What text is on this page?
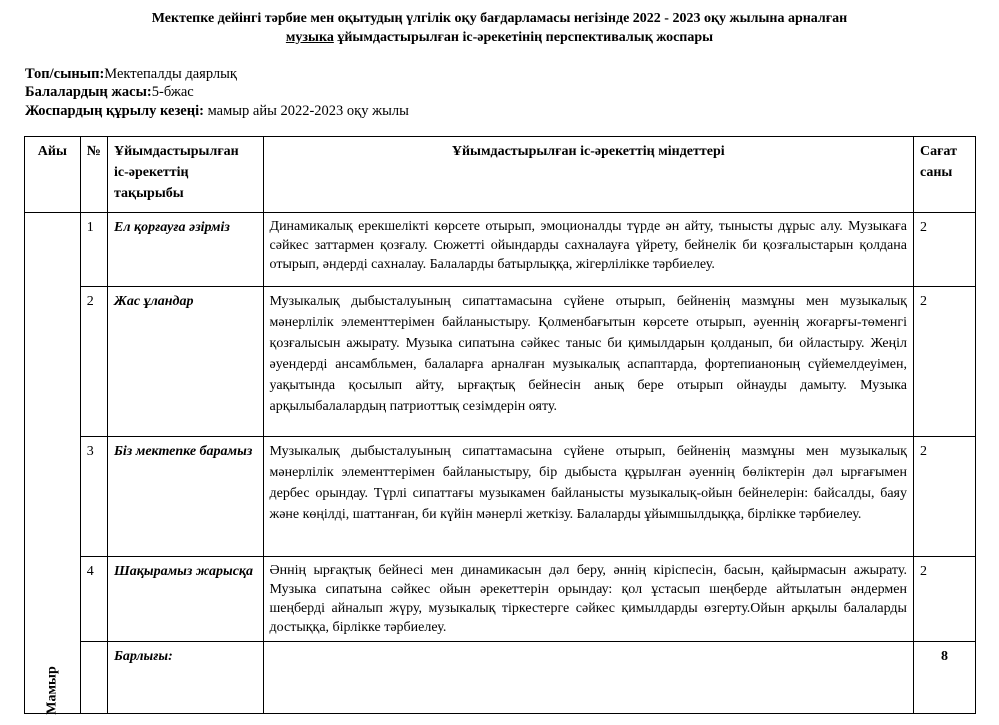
Мектепке дейінгі тәрбие мен оқытудың үлгілік оқу бағдарламасы негізінде 2022 - 2023 оқу жылына арналған
музыка ұйымдастырылған іс-әрекетінің перспективалық жоспары
Топ/сынып:Мектепалды даярлық
Балалардың жасы:5-бжас
Жоспардың құрылу кезеңі: мамыр айы 2022-2023 оқу жылы
Айы	№	Ұйымдастырылған іс-әрекеттің тақырыбы	Ұйымдастырылған іс-әрекеттің міндеттері	Сағат саны

Мамыр	1	Ел қорғауға әзірміз	Динамикалық ерекшелікті көрсете отырып, эмоционалды түрде ән айту, тынысты дұрыс алу. Музыкаға сәйкес заттармен қозғалу. Сюжетті ойындарды сахналауға үйрету, бейнелік би қозғалыстарын қолдана отырып, әндерді сахналау. Балаларды батырлыққа, жігерлілікке тәрбиелеу.	2
	2	Жас ұландар	Музыкалық дыбысталуының сипаттамасына сүйене отырып, бейненің мазмұны мен музыкалық мәнерлілік элементтерімен байланыстыру. Қолменбағытын көрсете отырып, әуеннің жоғарғы-төменгі қозғалысын ажырату. Музыка сипатына сәйкес таныс би қимылдарын қолданып, би ойластыру. Жеңіл әуендерді ансамбльмен, балаларға арналған музыкалық аспаптарда, фортепианоның сүйемелдеуімен, уақытында қосылып айту, ырғақтық бейнесін анық бере отырып ойнауды дамыту. Музыка арқылыбалалардың патриоттық сезімдерін ояту.	2
	3	Біз мектепке барамыз	Музыкалық дыбысталуының сипаттамасына сүйене отырып, бейненің мазмұны мен музыкалық мәнерлілік элементтерімен байланыстыру, бір дыбыста құрылған әуеннің бөліктерін дәл ырғағымен дербес орындау. Түрлі сипаттағы музыкамен байланысты музыкалық-ойын бейнелерін: байсалды, баяу және көңілді, шаттанған, би күйін мәнерлі жеткізу. Балаларды ұйымшылдыққа, бірлікке тәрбиелеу.	2
	4	Шақырамыз жарысқа	Әннің ырғақтық бейнесі мен динамикасын дәл беру, әннің кіріспесін, басын, қайырмасын ажырату. Музыка сипатына сәйкес ойын әрекеттерін орындау: қол ұстасып шеңберде айтылатын әндермен шеңберді айналып жүру, музыкалық тіркестерге сәйкес қимылдарды өзгерту.Ойын арқылы балаларды достыққа, бірлікке тәрбиелеу.	2
		Барлығы:		8
